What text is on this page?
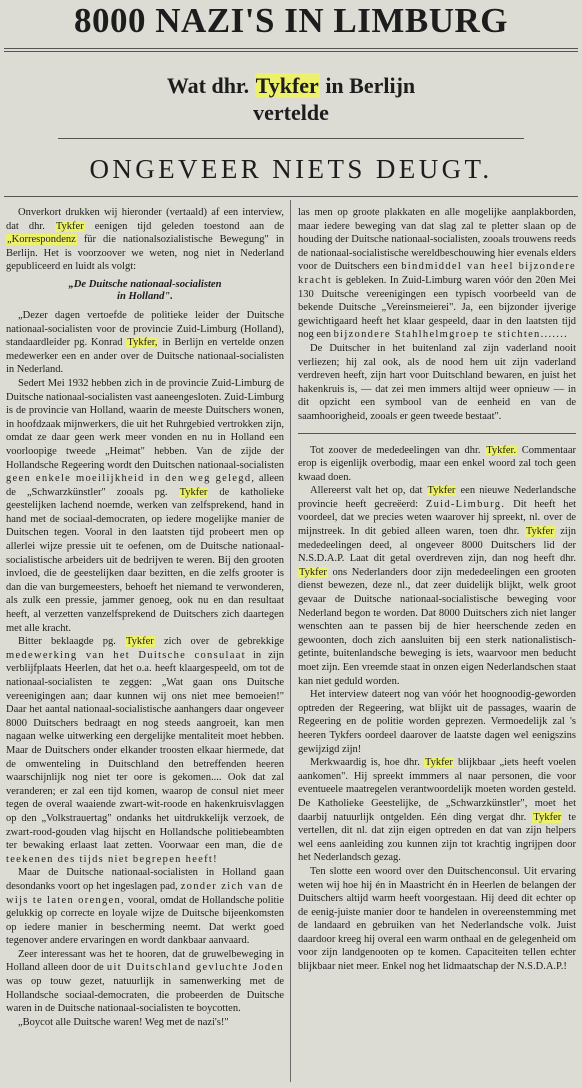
8000 NAZI'S IN LIMBURG
Wat dhr. Tykfer in Berlijn
vertelde
ONGEVEER NIETS DEUGT.

Onverkort drukken wij hieronder (vertaald) af een interview, dat dhr. Tykfer eenigen tijd geleden toestond aan de „Korrespondenz für die nationalsozialistische Bewegung" in Berlijn. Het is voorzoover we weten, nog niet in Nederland gepubliceerd en luidt als volgt:

„De Duitsche nationaal-socialisten
in Holland".

„Dezer dagen vertoefde de politieke leider der Duitsche nationaal-socialisten voor de provincie Zuid-Limburg (Holland), standaardleider pg. Konrad Tykfer, in Berlijn en vertelde onzen medewerker een en ander over de Duitsche nationaal-socialisten in Nederland.

Sedert Mei 1932 hebben zich in de provincie Zuid-Limburg de Duitsche nationaal-socialisten vast aaneengesloten. Zuid-Limburg is de provincie van Holland, waarin de meeste Duitschers wonen, in hoofdzaak mijnwerkers, die uit het Ruhrgebied vertrokken zijn, omdat ze daar geen werk meer vonden en nu in Holland een voorloopige tweede „Heimat" hebben. Van de zijde der Hollandsche Regeering wordt den Duitschen nationaal-socialisten geen enkele moeilijkheid in den weg gelegd, alleen de „Schwarzkünstler" zooals pg. Tykfer de katholieke geestelijken lachend noemde, werken van zelfsprekend, hand in hand met de sociaal-democraten, op iedere mogelijke manier de Duitschen tegen. Vooral in den laatsten tijd probeert men op allerlei wijze pressie uit te oefenen, om de Duitsche nationaal-socialistische arbeiders uit de bedrijven te weren. Bij den grooten invloed, die de geestelijken daar bezitten, en die zelfs grooter is dan die van burgemeesters, behoeft het niemand te verwonderen, als zulk een pressie, jammer genoeg, ook nu en dan resultaat heeft, al verzetten vanzelfsprekend de Duitschers zich daartegen met alle kracht.

Bitter beklaagde pg. Tykfer zich over de gebrekkige medewerking van het Duitsche consulaat in zijn verblijfplaats Heerlen, dat het o.a. heeft klaargespeeld, om tot de nationaal-socialisten te zeggen: „Wat gaan ons Duitsche vereenigingen aan; daar kunnen wij ons niet mee bemoeien!" Daar het aantal nationaal-socialistische aanhangers daar ongeveer 8000 Duitschers bedraagt en nog steeds aangroeit, kan men nagaan welke uitwerking een dergelijke mentaliteit moet hebben. Maar de Duitschers onder elkander troosten elkaar hiermede, dat de omwenteling in Duitschland den betreffenden heeren waarschijnlijk nog niet ter oore is gekomen.... Ook dat zal veranderen; er zal een tijd komen, waarop de consul niet meer tegen de overal waaiende zwart-wit-roode en hakenkruisvlaggen op den „Volkstrauertag" ondanks het uitdrukkelijk verzoek, de zwart-rood-gouden vlag hijscht en Hollandsche politiebeambten ter bewaking erlaast laat zetten. Voorwaar een man, die de teekenen des tijds niet begrepen heeft!

Maar de Duitsche nationaal-socialisten in Holland gaan desondanks voort op het ingeslagen pad, zonder zich van de wijs te laten orengen, vooral, omdat de Hollandsche politie gelukkig op correcte en loyale wijze de Duitsche bijeenkomsten op iedere manier in bescherming neemt. Dat werkt goed tegenover andere ervaringen en wordt dankbaar aanvaard.

Zeer interessant was het te hooren, dat de gruwelbeweging in Holland alleen door de uit Duitschland gevluchte Joden was op touw gezet, natuurlijk in samenwerking met de Hollandsche sociaal-democraten, die probeerden de Duitsche waren in de Duitsche nationaal-socialisten te boycotten.

„Boycot alle Duitsche waren! Weg met de nazi's!"

las men op groote plakkaten en alle mogelijke aanplakborden, maar iedere beweging van dat slag zal te pletter slaan op de houding der Duitsche nationaal-socialisten, zooals trouwens reeds de nationaal-socialistische wereldbeschouwing hier evenals elders voor de Duitschers een bindmiddel van heel bijzondere kracht is gebleken. In Zuid-Limburg waren vóór den 20en Mei 130 Duitsche vereenigingen een typisch voorbeeld van de bekende Duitsche „Vereinsmeierei". Ja, een bijzonder ijverige gewichtigaard heeft het klaar gespeeld, daar in den laatsten tijd nog een bijzondere Stahlhelmgroep te stichten.......

De Duitscher in het buitenland zal zijn vaderland nooit verliezen; hij zal ook, als de nood hem uit zijn vaderland verdreven heeft, zijn hart voor Duitschland bewaren, en juist het hakenkruis is, — dat zei men immers altijd weer opnieuw — in dit opzicht een symbool van de eenheid en van de saamhoorigheid, zooals er geen tweede bestaat".

Tot zoover de mededeelingen van dhr. Tykfer. Commentaar erop is eigenlijk overbodig, maar een enkel woord zal toch geen kwaad doen.

Allereerst valt het op, dat Tykfer een nieuwe Nederlandsche provincie heeft gecreëerd: Zuid-Limburg. Dit heeft het voordeel, dat we precies weten waarover hij spreekt, nl. over de mijnstreek. In dit gebied alleen waren, toen dhr. Tykfer zijn mededeelingen deed, al ongeveer 8000 Duitschers lid der N.S.D.A.P. Laat dit getal overdreven zijn, dan nog heeft dhr. Tykfer ons Nederlanders door zijn mededeelingen een grooten dienst bewezen, deze nl., dat zeer duidelijk blijkt, welk groot gevaar de Duitsche nationaal-socialistische beweging voor Nederland begon te worden. Dat 8000 Duitschers zich niet langer wenschten aan te passen bij de hier heerschende zeden en gewoonten, doch zich aansluiten bij een sterk nationalistisch-getinte, buitenlandsche beweging is iets, waarvoor men beducht moet zijn. Een vreemde staat in onzen eigen Nederlandschen staat kan niet geduld worden.

Het interview dateert nog van vóór het hoognoodig-geworden optreden der Regeering, wat blijkt uit de passages, waarin de Regeering en de politie worden geprezen. Vermoedelijk zal 's heeren Tykfers oordeel daarover de laatste dagen wel eenigszins gewijzigd zijn!

Merkwaardig is, hoe dhr. Tykfer blijkbaar „iets heeft voelen aankomen". Hij spreekt immmers al naar personen, die voor eventueele maatregelen verantwoordelijk moeten worden gesteld. De Katholieke Geestelijke, de „Schwarzkünstler", moet het daarbij natuurlijk ontgelden. Eén ding vergat dhr. Tykfer te vertellen, dit nl. dat zijn eigen optreden en dat van zijn helpers wel eens aanleiding zou kunnen zijn tot krachtig ingrijpen door het Nederlandsch gezag.

Ten slotte een woord over den Duitschenconsul. Uit ervaring weten wij hoe hij én in Maastricht én in Heerlen de belangen der Duitschers altijd warm heeft voorgestaan. Hij deed dit echter op de eenig-juiste manier door te handelen in overeenstemming met de landaard en gebruiken van het Nederlandsche volk. Juist daardoor kreeg hij overal een warm onthaal en de gelegenheid om voor zijn landgenooten op te komen. Capaciteiten tellen echter blijkbaar niet meer. Enkel nog het lidmaatschap der N.S.D.A.P.!
